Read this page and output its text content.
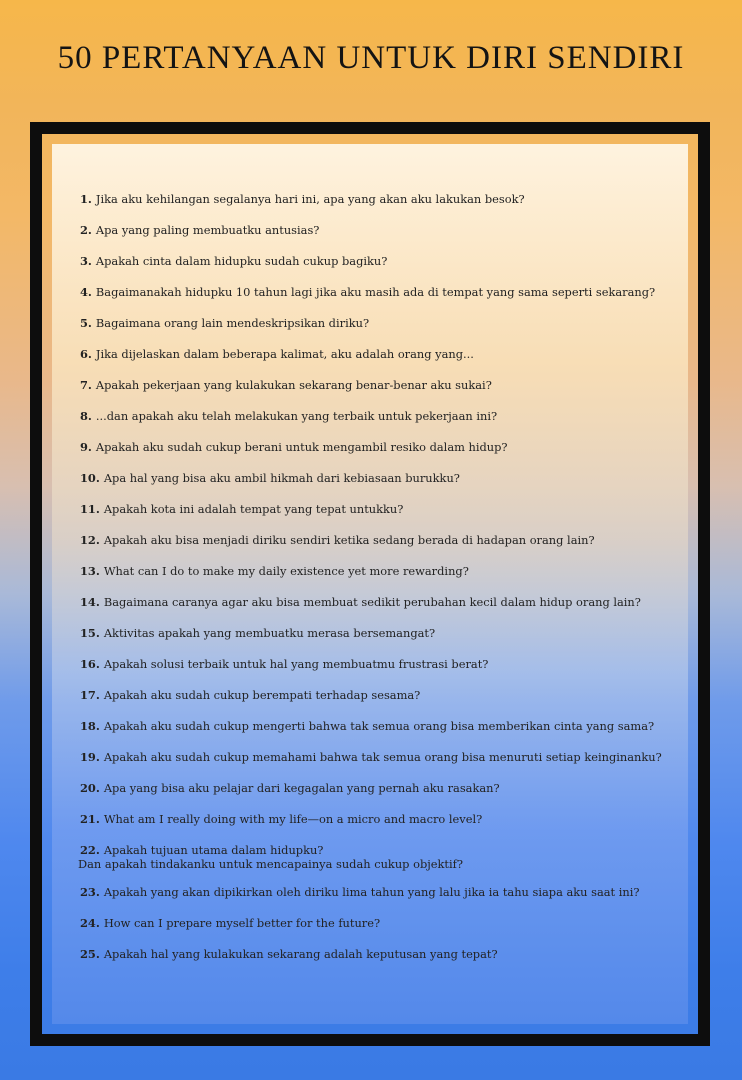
50 PERTANYAAN UNTUK DIRI SENDIRI
1. Jika aku kehilangan segalanya hari ini, apa yang akan aku lakukan besok?
2. Apa yang paling membuatku antusias?
3. Apakah cinta dalam hidupku sudah cukup bagiku?
4. Bagaimanakah hidupku 10 tahun lagi jika aku masih ada di tempat yang sama seperti sekarang?
5. Bagaimana orang lain mendeskripsikan diriku?
6. Jika dijelaskan dalam beberapa kalimat, aku adalah orang yang...
7. Apakah pekerjaan yang kulakukan sekarang benar-benar aku sukai?
8. ...dan apakah aku telah melakukan yang terbaik untuk pekerjaan ini?
9. Apakah aku sudah cukup berani untuk mengambil resiko dalam hidup?
10. Apa hal yang bisa aku ambil hikmah dari kebiasaan burukku?
11. Apakah kota ini adalah tempat yang tepat untukku?
12. Apakah aku bisa menjadi diriku sendiri ketika sedang berada di hadapan orang lain?
13. What can I do to make my daily existence yet more rewarding?
14. Bagaimana caranya agar aku bisa membuat sedikit perubahan kecil dalam hidup orang lain?
15. Aktivitas apakah yang membuatku merasa bersemangat?
16. Apakah solusi terbaik untuk hal yang membuatmu frustrasi berat?
17. Apakah aku sudah cukup berempati terhadap sesama?
18. Apakah aku sudah cukup mengerti bahwa tak semua orang bisa memberikan cinta yang sama?
19. Apakah aku sudah cukup memahami bahwa tak semua orang bisa menuruti setiap keinginanku?
20. Apa yang bisa aku pelajar dari kegagalan yang pernah aku rasakan?
21. What am I really doing with my life—on a micro and macro level?
22. Apakah tujuan utama dalam hidupku?
Dan apakah tindakanku untuk mencapainya sudah cukup objektif?
23. Apakah yang akan dipikirkan oleh diriku lima tahun yang lalu jika ia tahu siapa aku saat ini?
24. How can I prepare myself better for the future?
25. Apakah hal yang kulakukan sekarang adalah keputusan yang tepat?
